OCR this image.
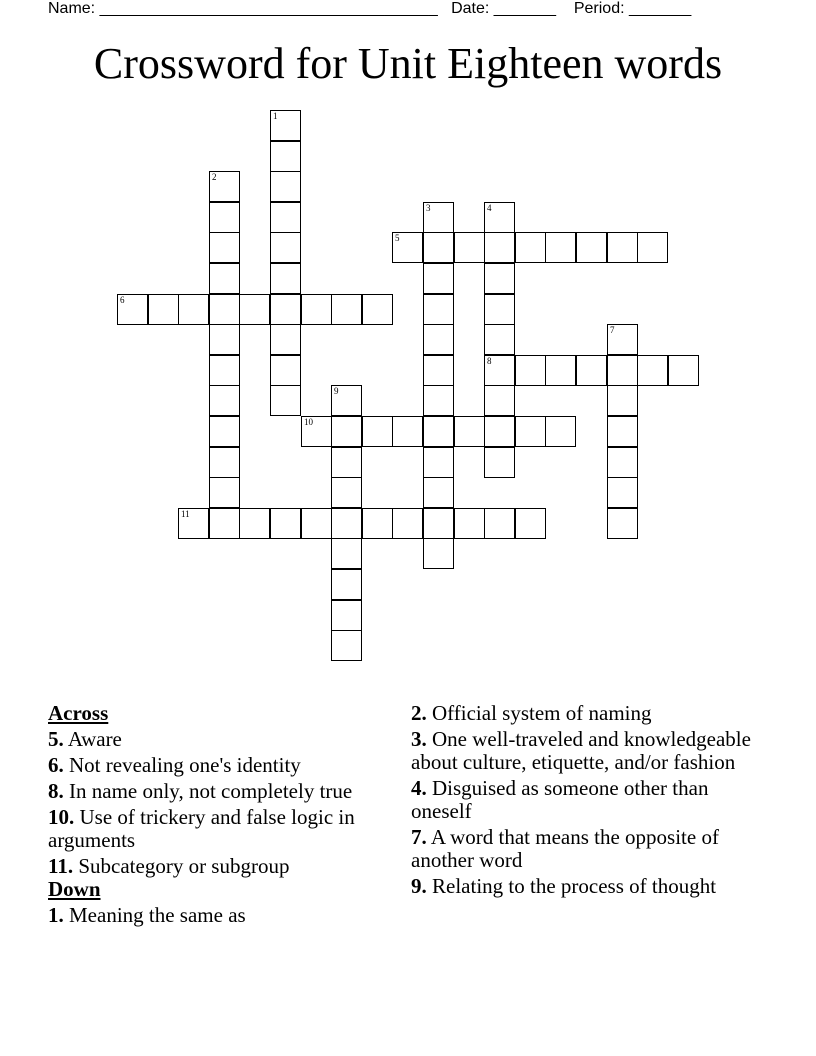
Name: ______________________________________ Date: _______ Period: _______
Crossword for Unit Eighteen words
1
2
3	4
8
5
6
7
9
10
11
Across
5. Aware
6. Not revealing one's identity
8. In name only, not completely true
10. Use of trickery and false logic in arguments
11. Subcategory or subgroup
Down
1. Meaning the same as
2. Official system of naming
3. One well-traveled and knowledgeable about culture, etiquette, and/or fashion
4. Disguised as someone other than oneself
7. A word that means the opposite of another word
9. Relating to the process of thought
